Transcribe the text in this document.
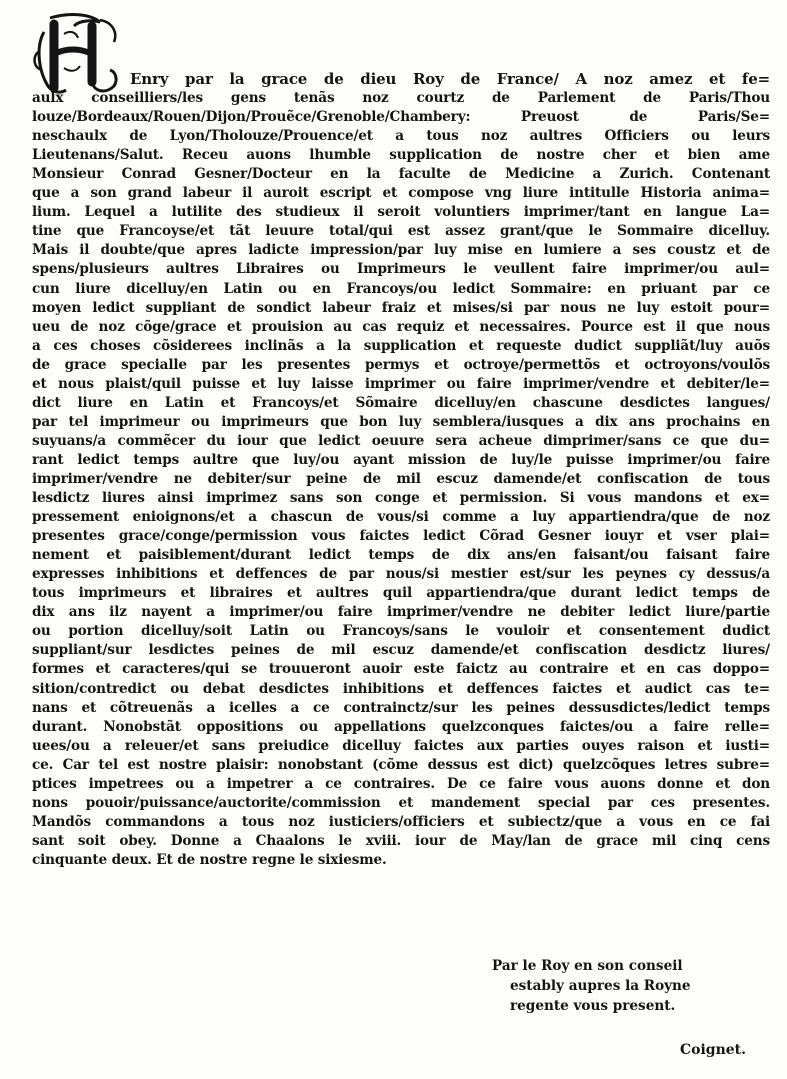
Enry par la grace de dieu Roy de France/ A noz amez et fe=
aulx conseilliers/les gens tenãs noz courtz de Parlement de Paris/Thou
louze/Bordeaux/Rouen/Dijon/Prouẽce/Grenoble/Chambery: Preuost de Paris/Se=
neschaulx de Lyon/Tholouze/Prouence/et a tous noz aultres Officiers ou leurs
Lieutenans/Salut. Receu auons lhumble supplication de nostre cher et bien ame
Monsieur Conrad Gesner/Docteur en la faculte de Medicine a Zurich. Contenant
que a son grand labeur il auroit escript et compose vng liure intitulle Historia anima=
lium. Lequel a lutilite des studieux il seroit voluntiers imprimer/tant en langue La=
tine que Francoyse/et tãt leuure total/qui est assez grant/que le Sommaire dicelluy.
Mais il doubte/que apres ladicte impression/par luy mise en lumiere a ses coustz et de
spens/plusieurs aultres Libraires ou Imprimeurs le veullent faire imprimer/ou aul=
cun liure dicelluy/en Latin ou en Francoys/ou ledict Sommaire: en priuant par ce
moyen ledict suppliant de sondict labeur fraiz et mises/si par nous ne luy estoit pour=
ueu de noz cõge/grace et prouision au cas requiz et necessaires. Pource est il que nous
a ces choses cõsiderees inclinãs a la supplication et requeste dudict suppliãt/luy auõs
de grace specialle par les presentes permys et octroye/permettõs et octroyons/voulõs
et nous plaist/quil puisse et luy laisse imprimer ou faire imprimer/vendre et debiter/le=
dict liure en Latin et Francoys/et Sõmaire dicelluy/en chascune desdictes langues/
par tel imprimeur ou imprimeurs que bon luy semblera/iusques a dix ans prochains en
suyuans/a commẽcer du iour que ledict oeuure sera acheue dimprimer/sans ce que du=
rant ledict temps aultre que luy/ou ayant mission de luy/le puisse imprimer/ou faire
imprimer/vendre ne debiter/sur peine de mil escuz damende/et confiscation de tous
lesdictz liures ainsi imprimez sans son conge et permission. Si vous mandons et ex=
pressement enioignons/et a chascun de vous/si comme a luy appartiendra/que de noz
presentes grace/conge/permission vous faictes ledict Cõrad Gesner iouyr et vser plai=
nement et paisiblement/durant ledict temps de dix ans/en faisant/ou faisant faire
expresses inhibitions et deffences de par nous/si mestier est/sur les peynes cy dessus/a
tous imprimeurs et libraires et aultres quil appartiendra/que durant ledict temps de
dix ans ilz nayent a imprimer/ou faire imprimer/vendre ne debiter ledict liure/partie
ou portion dicelluy/soit Latin ou Francoys/sans le vouloir et consentement dudict
suppliant/sur lesdictes peines de mil escuz damende/et confiscation desdictz liures/
formes et caracteres/qui se trouueront auoir este faictz au contraire et en cas doppo=
sition/contredict ou debat desdictes inhibitions et deffences faictes et audict cas te=
nans et cõtreuenãs a icelles a ce contrainctz/sur les peines dessusdictes/ledict temps
durant. Nonobstãt oppositions ou appellations quelzconques faictes/ou a faire relle=
uees/ou a releuer/et sans preiudice dicelluy faictes aux parties ouyes raison et iusti=
ce. Car tel est nostre plaisir: nonobstant (cõme dessus est dict) quelzcõques letres subre=
ptices impetrees ou a impetrer a ce contraires. De ce faire vous auons donne et don
nons pouoir/puissance/auctorite/commission et mandement special par ces presentes.
Mandõs commandons a tous noz iusticiers/officiers et subiectz/que a vous en ce fai
sant soit obey. Donne a Chaalons le xviii. iour de May/lan de grace mil cinq cens
cinquante deux. Et de nostre regne le sixiesme.
Par le Roy en son conseil
estably aupres la Royne
regente vous present.
Coignet.
